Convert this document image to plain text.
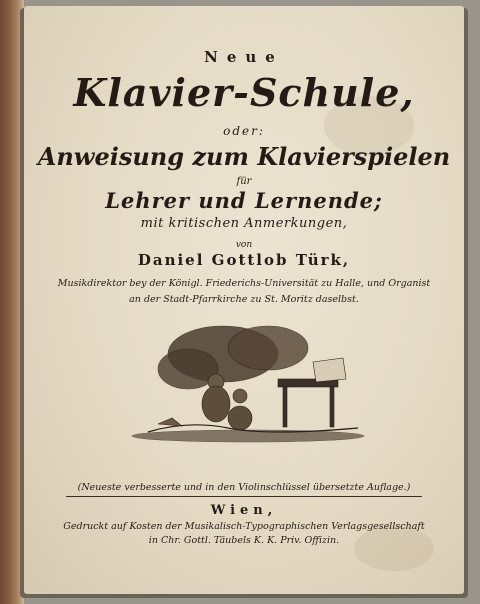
Neue
Klavier-Schule,
oder:
Anweisung zum Klavierspielen
für
Lehrer und Lernende;
mit kritischen Anmerkungen,
von
Daniel Gottlob Türk,
Musikdirektor bey der Königl. Friederichs-Universität zu Halle, und Organist
an der Stadt-Pfarrkirche zu St. Moritz daselbst.
(Neueste verbesserte und in den Violinschlüssel übersetzte Auflage.)
Wien,
Gedruckt auf Kosten der Musikalisch-Typographischen Verlagsgesellschaft
in Chr. Gottl. Täubels K. K. Priv. Offizin.
